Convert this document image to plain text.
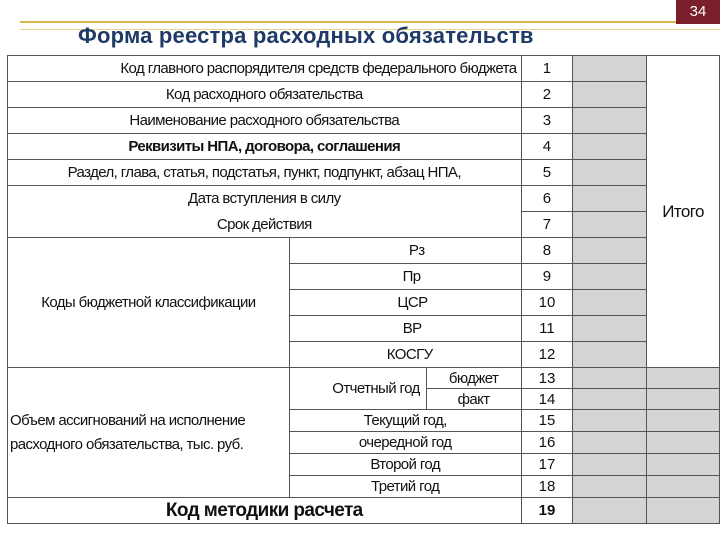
34
Форма реестра расходных обязательств
Код главного распорядителя средств федерального бюджета			1		Итого
Код расходного обязательства			2		
Наименование расходного обязательства			3		
Реквизиты НПА, договора, соглашения			4		
Раздел, глава, статья, подстатья, пункт, подпункт, абзац НПА,			5		
Дата вступления в силу			6		
Срок действия			7		
Коды бюджетной классификации	Рз		8		
	Пр		9		
	ЦСР		10		
	ВР		11		
	КОСГУ		12		
Объем ассигнований на исполнение
расходного обязательства, тыс. руб.	Отчетный год	бюджет	13		
		факт	14		
	Текущий год,		15		
	очередной год		16		
	Второй год		17		
	Третий год		18		
Код методики расчета			19		
